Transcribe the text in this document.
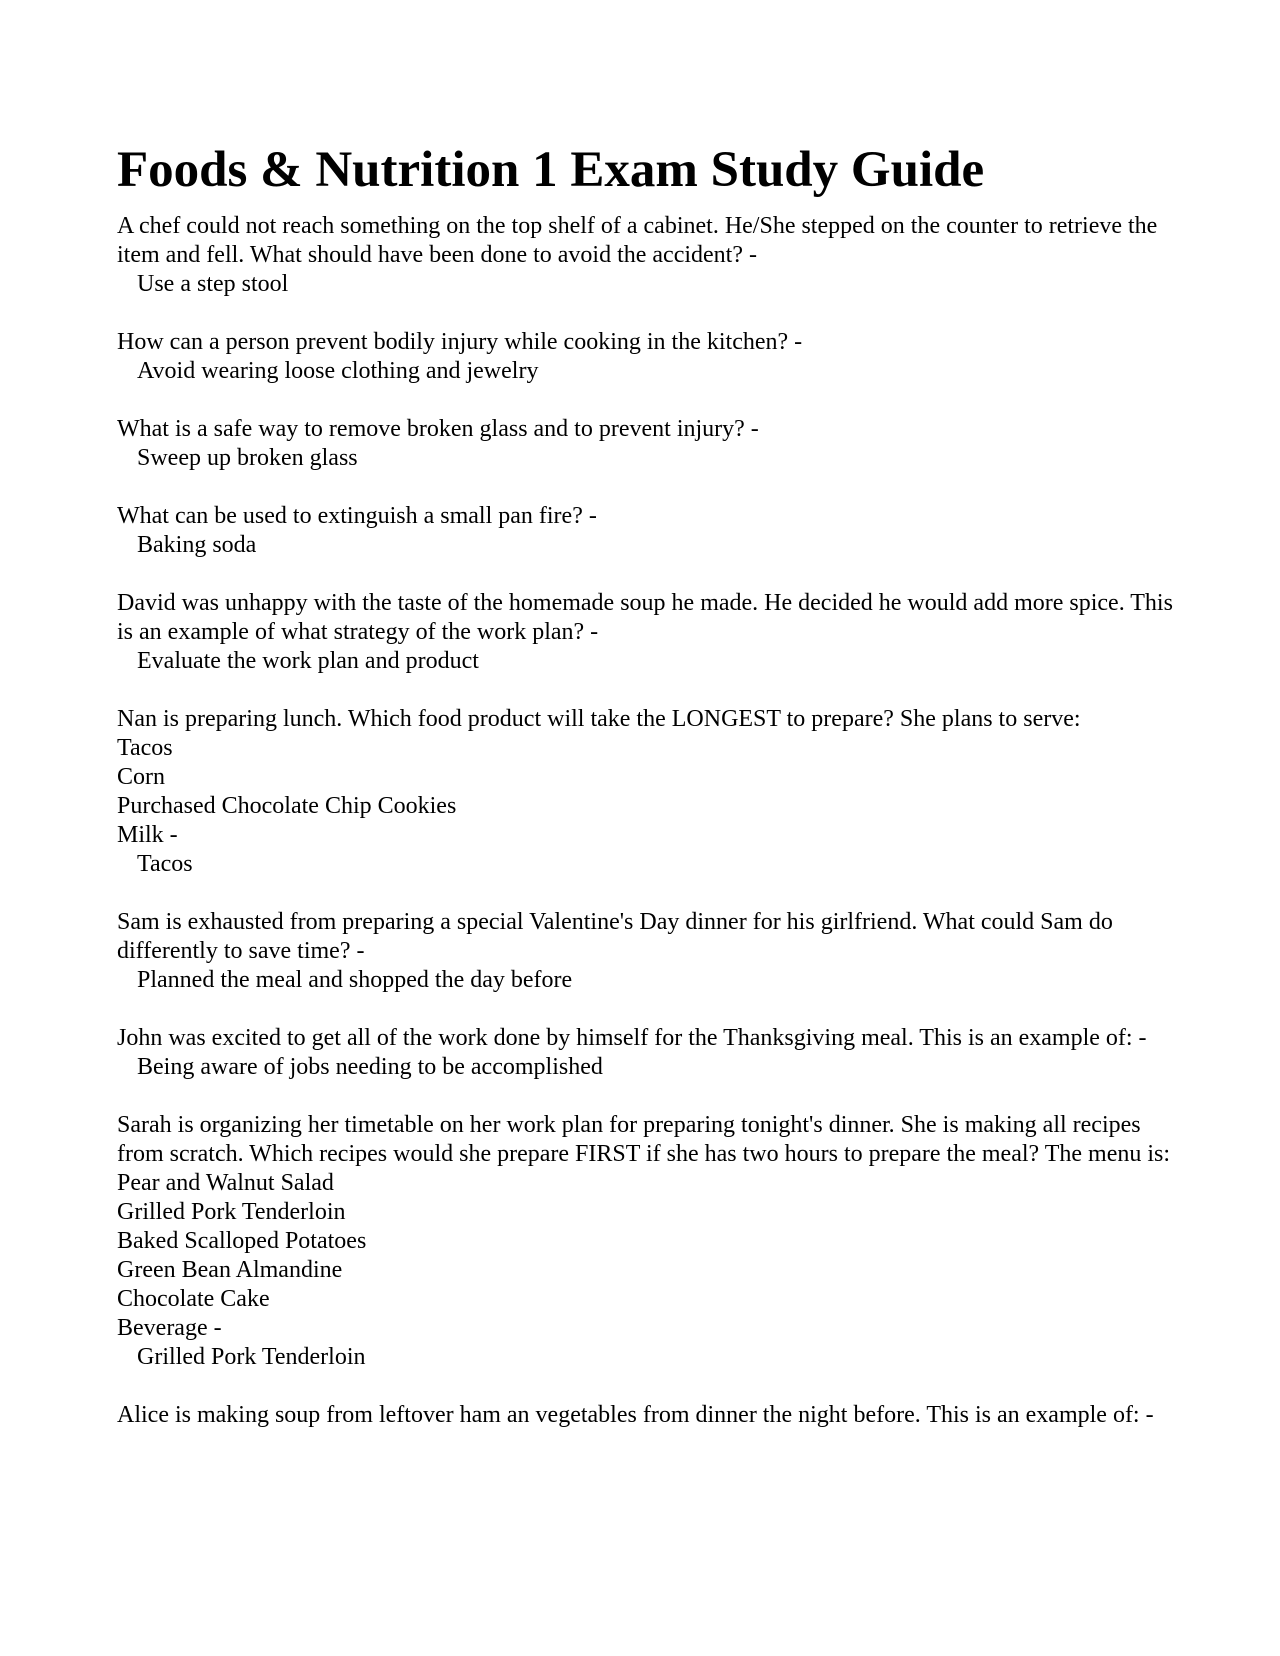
Foods & Nutrition 1 Exam Study Guide
A chef could not reach something on the top shelf of a cabinet. He/She stepped on the counter to retrieve the item and fell. What should have been done to avoid the accident? -
Use a step stool
How can a person prevent bodily injury while cooking in the kitchen? -
Avoid wearing loose clothing and jewelry
What is a safe way to remove broken glass and to prevent injury? -
Sweep up broken glass
What can be used to extinguish a small pan fire? -
Baking soda
David was unhappy with the taste of the homemade soup he made. He decided he would add more spice. This is an example of what strategy of the work plan? -
Evaluate the work plan and product
Nan is preparing lunch. Which food product will take the LONGEST to prepare? She plans to serve:
Tacos
Corn
Purchased Chocolate Chip Cookies
Milk -
Tacos
Sam is exhausted from preparing a special Valentine's Day dinner for his girlfriend. What could Sam do differently to save time? -
Planned the meal and shopped the day before
John was excited to get all of the work done by himself for the Thanksgiving meal. This is an example of: -
Being aware of jobs needing to be accomplished
Sarah is organizing her timetable on her work plan for preparing tonight's dinner. She is making all recipes from scratch. Which recipes would she prepare FIRST if she has two hours to prepare the meal? The menu is:
Pear and Walnut Salad
Grilled Pork Tenderloin
Baked Scalloped Potatoes
Green Bean Almandine
Chocolate Cake
Beverage -
Grilled Pork Tenderloin
Alice is making soup from leftover ham an vegetables from dinner the night before. This is an example of: -
